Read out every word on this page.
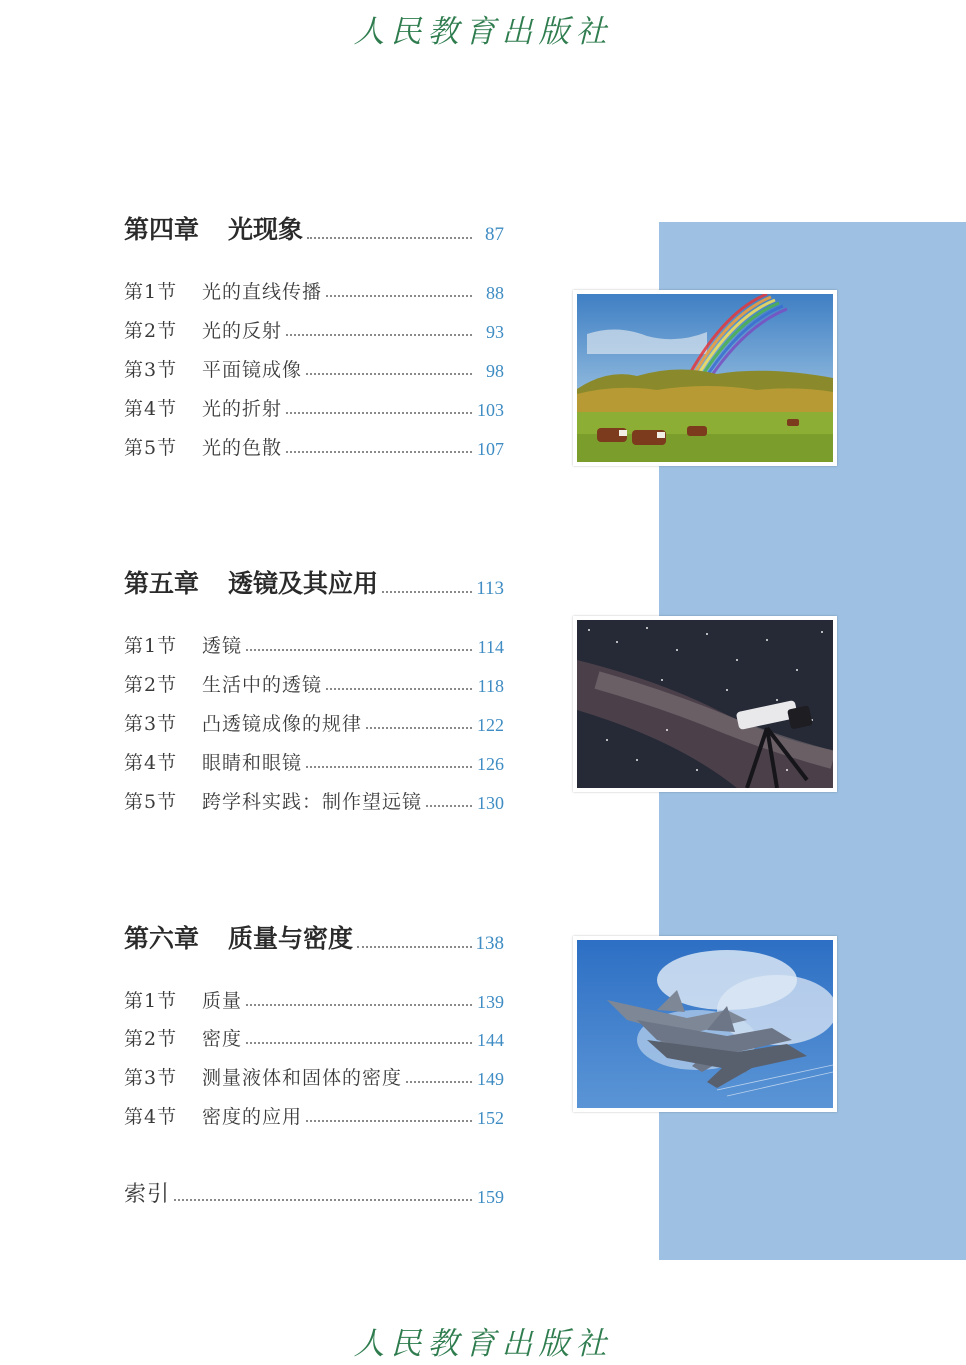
人民教育出版社
第四章 光现象	87
第1节 光的直线传播	88
第2节 光的反射	93
第3节 平面镜成像	98
第4节 光的折射	103
第5节 光的色散	107
第五章 透镜及其应用	113
第1节 透镜	114
第2节 生活中的透镜	118
第3节 凸透镜成像的规律	122
第4节 眼睛和眼镜	126
第5节 跨学科实践：制作望远镜	130
第六章 质量与密度	138
第1节 质量	139
第2节 密度	144
第3节 测量液体和固体的密度	149
第4节 密度的应用	152
索引	159
人民教育出版社
